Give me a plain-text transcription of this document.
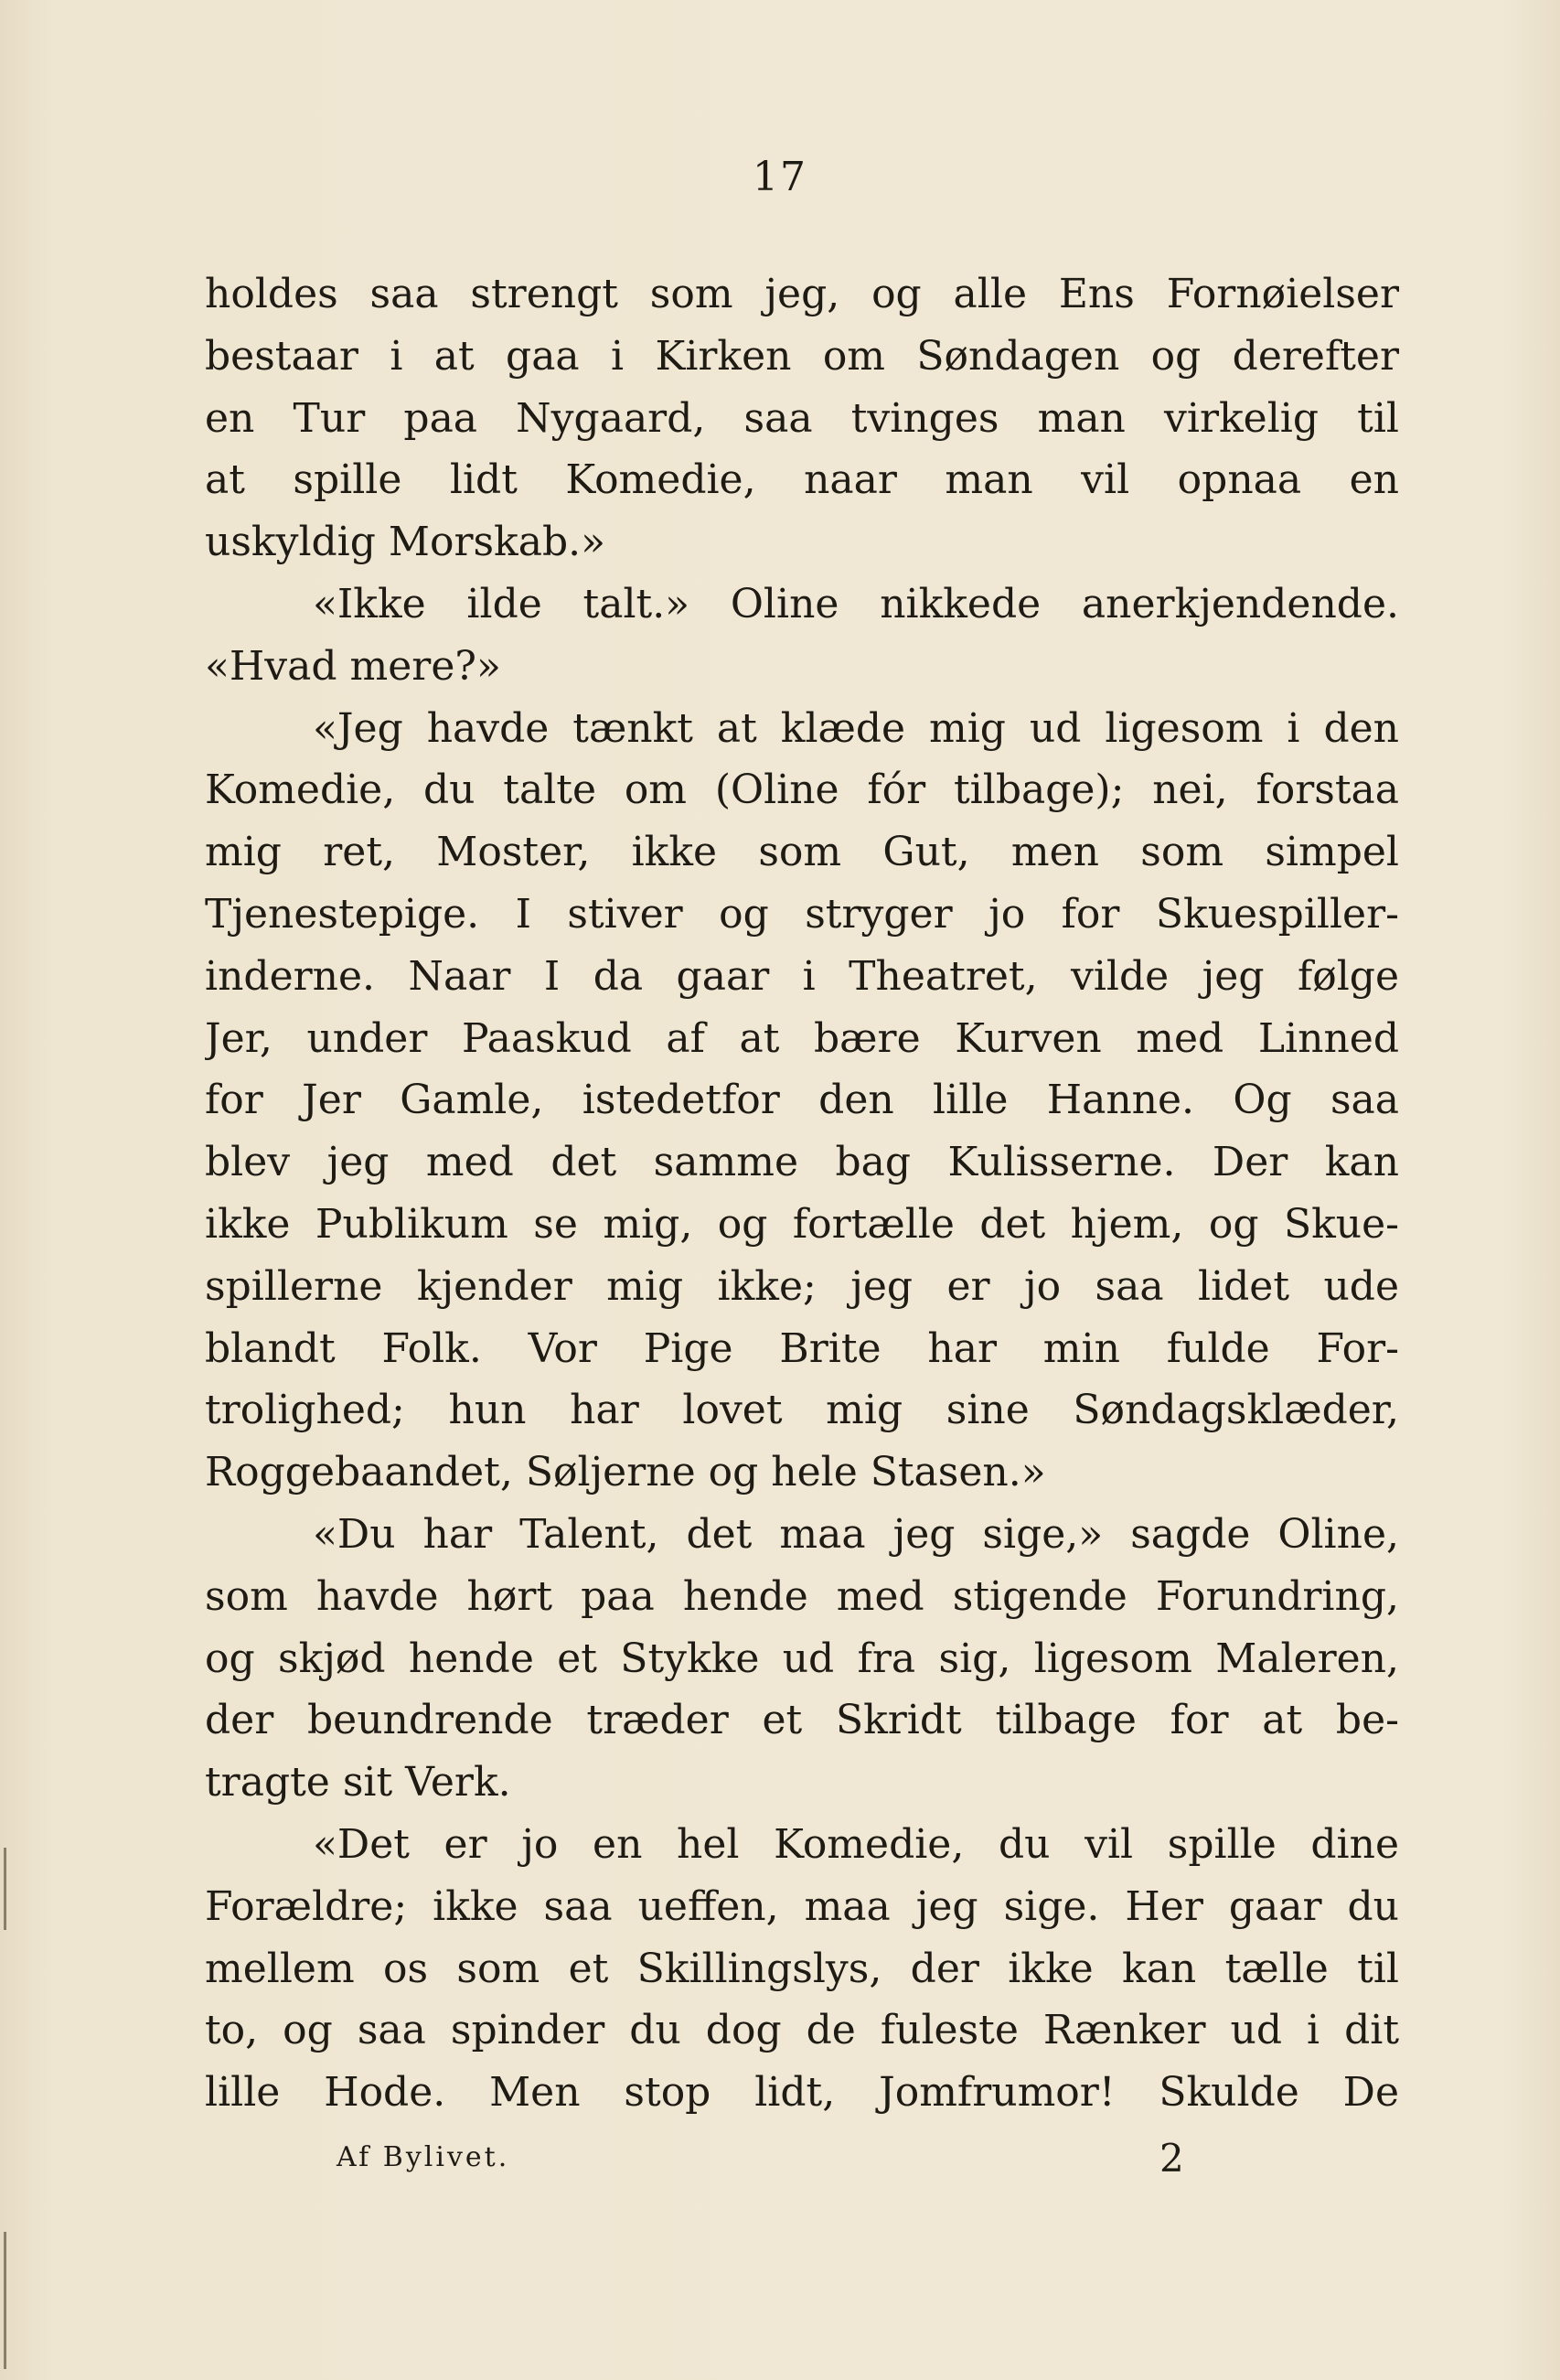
17
holdes saa strengt som jeg, og alle Ens Fornøielser
bestaar i at gaa i Kirken om Søndagen og derefter
en Tur paa Nygaard, saa tvinges man virkelig til
at spille lidt Komedie, naar man vil opnaa en
uskyldig Morskab.»
«Ikke ilde talt.» Oline nikkede anerkjendende.
«Hvad mere?»
«Jeg havde tænkt at klæde mig ud ligesom i den
Komedie, du talte om (Oline fór tilbage); nei, forstaa
mig ret, Moster, ikke som Gut, men som simpel
Tjenestepige. I stiver og stryger jo for Skuespiller-
inderne. Naar I da gaar i Theatret, vilde jeg følge
Jer, under Paaskud af at bære Kurven med Linned
for Jer Gamle, istedetfor den lille Hanne. Og saa
blev jeg med det samme bag Kulisserne. Der kan
ikke Publikum se mig, og fortælle det hjem, og Skue-
spillerne kjender mig ikke; jeg er jo saa lidet ude
blandt Folk. Vor Pige Brite har min fulde For-
trolighed; hun har lovet mig sine Søndagsklæder,
Roggebaandet, Søljerne og hele Stasen.»
«Du har Talent, det maa jeg sige,» sagde Oline,
som havde hørt paa hende med stigende Forundring,
og skjød hende et Stykke ud fra sig, ligesom Maleren,
der beundrende træder et Skridt tilbage for at be-
tragte sit Verk.
«Det er jo en hel Komedie, du vil spille dine
Forældre; ikke saa ueffen, maa jeg sige. Her gaar du
mellem os som et Skillingslys, der ikke kan tælle til
to, og saa spinder du dog de fuleste Rænker ud i dit
lille Hode. Men stop lidt, Jomfrumor! Skulde De
Af Bylivet.	2
